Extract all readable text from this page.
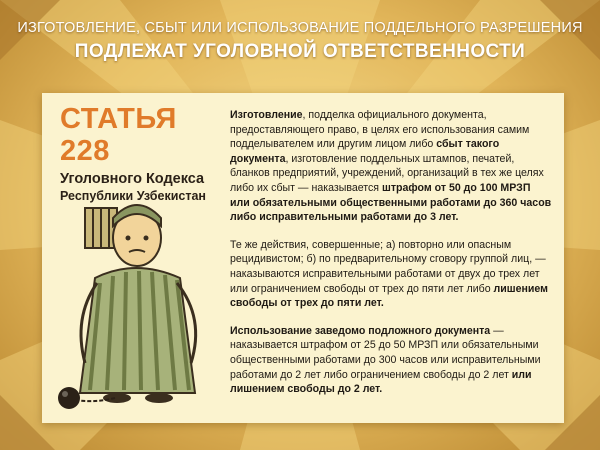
ИЗГОТОВЛЕНИЕ, СБЫТ ИЛИ ИСПОЛЬЗОВАНИЕ ПОДДЕЛЬНОГО РАЗРЕШЕНИЯ
ПОДЛЕЖАТ УГОЛОВНОЙ ОТВЕТСТВЕННОСТИ
СТАТЬЯ 228
Уголовного Кодекса
Республики Узбекистан

Изготовление, подделка официального документа, предоставляющего право, в целях его использования самим подделывателем или другим лицом либо сбыт такого документа, изготовление поддельных штампов, печатей, бланков предприятий, учреждений, организаций в тех же целях либо их сбыт — наказывается штрафом от 50 до 100 МРЗП или обязательными общественными работами до 360 часов либо исправительными работами до 3 лет.

Те же действия, совершенные; а) повторно или опасным рецидивистом; б) по предварительному сговору группой лиц, — наказываются исправительными работами от двух до трех лет или ограничением свободы от трех до пяти лет либо лишением свободы от трех до пяти лет.

Использование заведомо подложного документа — наказывается штрафом от 25 до 50 МРЗП или обязательными общественными работами до 300 часов или исправительными работами до 2 лет либо ограничением свободы до 2 лет или лишением свободы до 2 лет.
